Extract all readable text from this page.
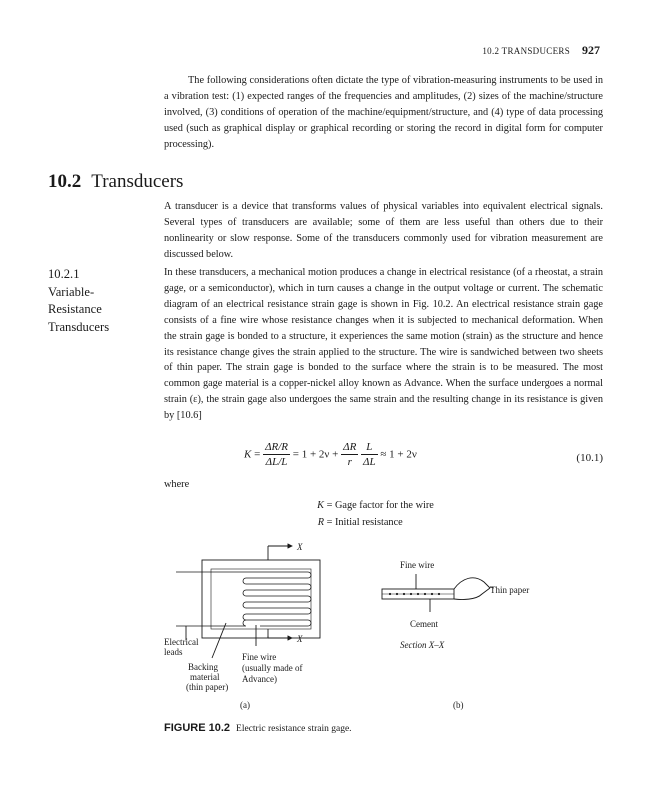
10.2 TRANSDUCERS 927
The following considerations often dictate the type of vibration-measuring instruments to be used in a vibration test: (1) expected ranges of the frequencies and amplitudes, (2) sizes of the machine/structure involved, (3) conditions of operation of the machine/equipment/structure, and (4) type of data processing used (such as graphical display or graphical recording or storing the record in digital form for computer processing).
10.2 Transducers
A transducer is a device that transforms values of physical variables into equivalent electrical signals. Several types of transducers are available; some of them are less useful than others due to their nonlinearity or slow response. Some of the transducers commonly used for vibration measurement are discussed below.
10.2.1
Variable-
Resistance
Transducers
In these transducers, a mechanical motion produces a change in electrical resistance (of a rheostat, a strain gage, or a semiconductor), which in turn causes a change in the output voltage or current. The schematic diagram of an electrical resistance strain gage is shown in Fig. 10.2. An electrical resistance strain gage consists of a fine wire whose resistance changes when it is subjected to mechanical deformation. When the strain gage is bonded to a structure, it experiences the same motion (strain) as the structure and hence its resistance change gives the strain applied to the structure. The wire is sandwiched between two sheets of thin paper. The strain gage is bonded to the surface where the strain is to be measured. The most common gage material is a copper-nickel alloy known as Advance. When the surface undergoes a normal strain (ε), the strain gage also undergoes the same strain and the resulting change in its resistance is given by [10.6]
$K = \frac{\Delta R/R}{\Delta L/L} = 1 + 2\nu + \frac{\Delta R}{r}$
$\frac{L}{\Delta L} \approx 1 + 2\nu$	(10.1)
where
K = Gage factor for the wire
R = Initial resistance
X
X
Electrical leads
Backing material (thin paper)
Fine wire (usually made of Advance)
(a)
Fine wire
Thin paper
Cement
Section X–X
(b)
FIGURE 10.2 Electric resistance strain gage.
